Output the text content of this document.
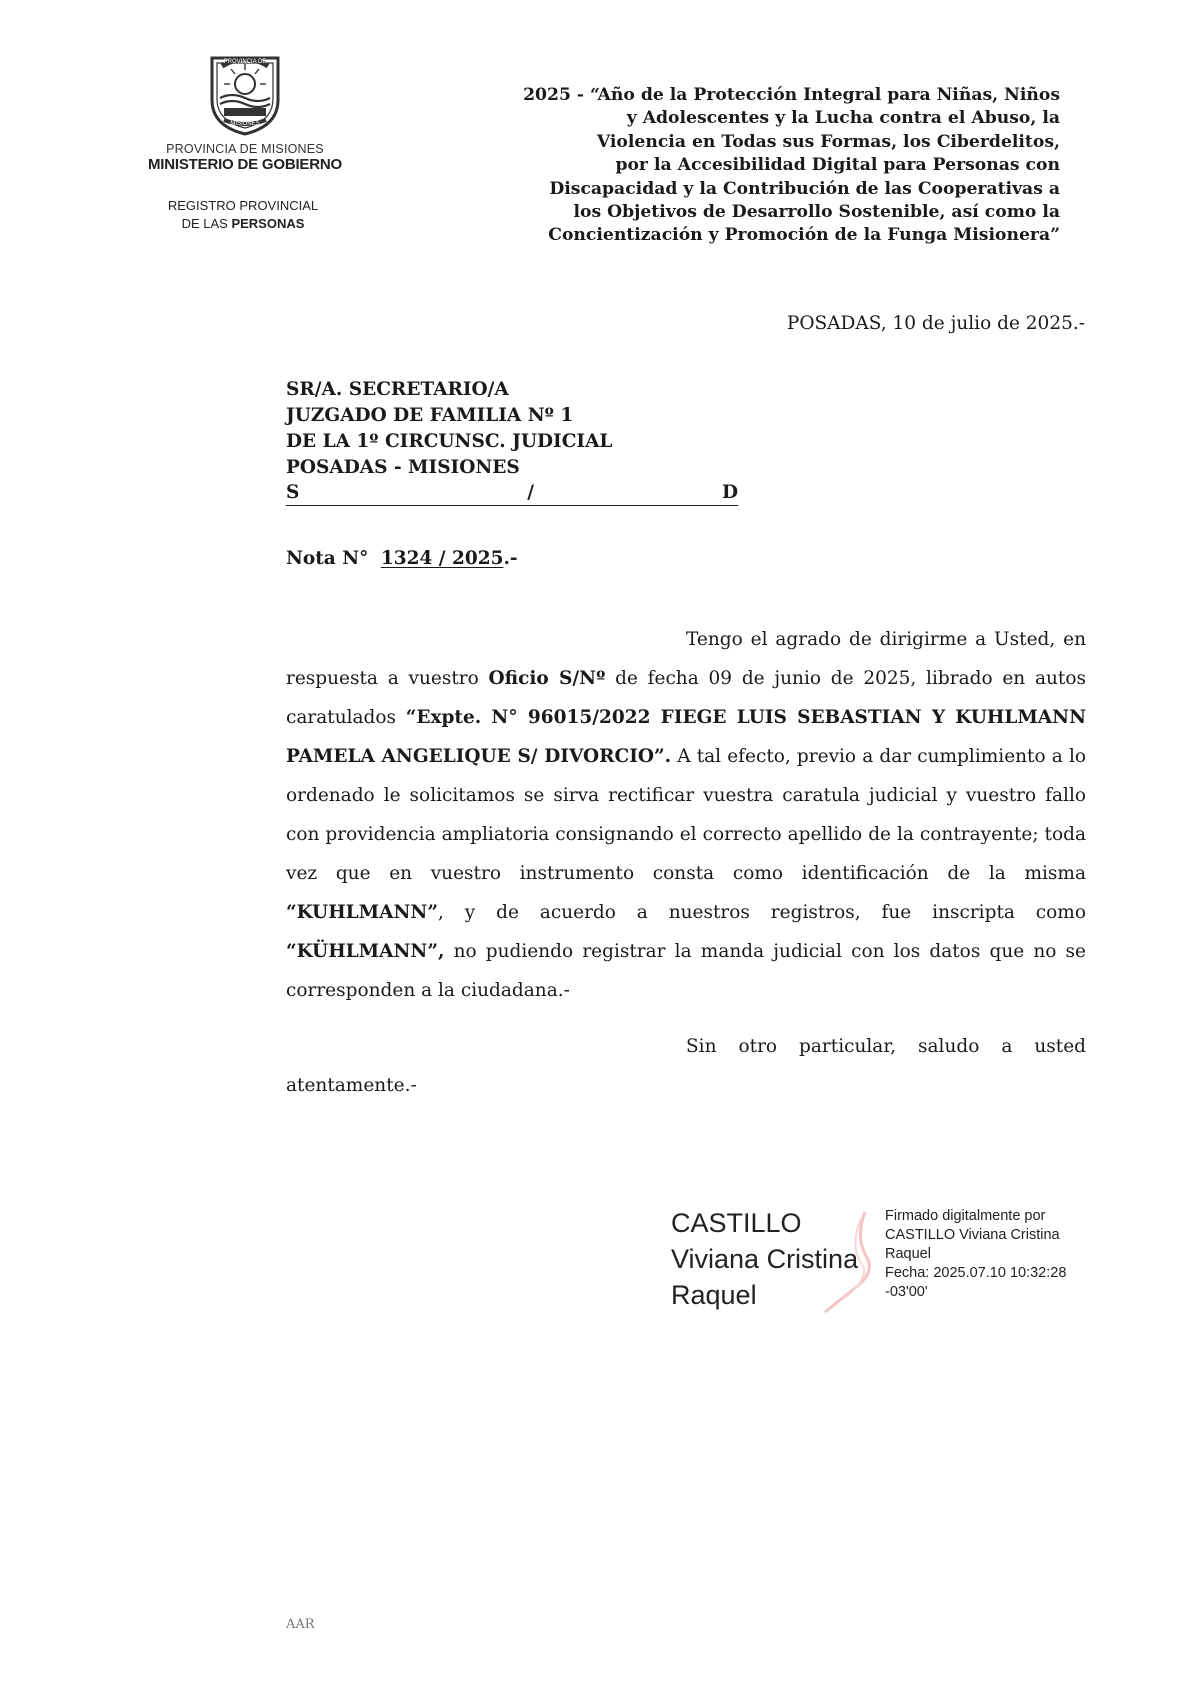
PROVINCIA DE
MISIONES
PROVINCIA DE MISIONES
MINISTERIO DE GOBIERNO
REGISTRO PROVINCIAL
DE LAS PERSONAS
2025 - “Año de la Protección Integral para Niñas, Niños
y Adolescentes y la Lucha contra el Abuso, la
Violencia en Todas sus Formas, los Ciberdelitos,
por la Accesibilidad Digital para Personas con
Discapacidad y la Contribución de las Cooperativas a
los Objetivos de Desarrollo Sostenible, así como la
Concientización y Promoción de la Funga Misionera”
POSADAS, 10 de julio de 2025.-
SR/A. SECRETARIO/A
JUZGADO DE FAMILIA Nº 1
DE LA 1º CIRCUNSC. JUDICIAL
POSADAS - MISIONES
S	/	D
Nota N° 1324 / 2025.-

Tengo el agrado de dirigirme a Usted, en respuesta a vuestro Oficio S/Nº de fecha 09 de junio de 2025, librado en autos caratulados “Expte. N° 96015/2022 FIEGE LUIS SEBASTIAN Y KUHLMANN PAMELA ANGELIQUE S/ DIVORCIO”. A tal efecto, previo a dar cumplimiento a lo ordenado le solicitamos se sirva rectificar vuestra caratula judicial y vuestro fallo con providencia ampliatoria consignando el correcto apellido de la contrayente; toda vez que en vuestro instrumento consta como identificación de la misma “KUHLMANN”, y de acuerdo a nuestros registros, fue inscripta como “KÜHLMANN”, no pudiendo registrar la manda judicial con los datos que no se corresponden a la ciudadana.-

Sin otro particular, saludo a usted atentamente.-

CASTILLO
Viviana Cristina
Raquel
Firmado digitalmente por
CASTILLO Viviana Cristina
Raquel
Fecha: 2025.07.10 10:32:28
-03'00'
AAR
